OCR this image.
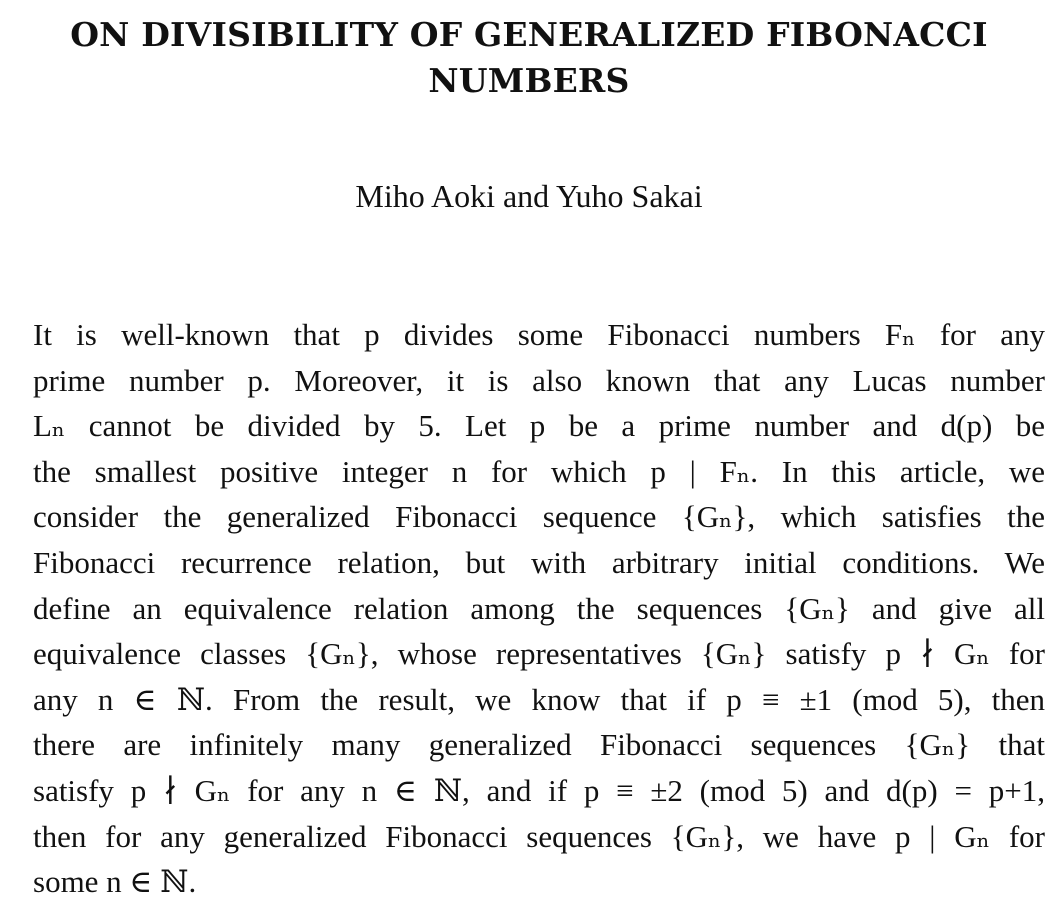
ON DIVISIBILITY OF GENERALIZED FIBONACCI
NUMBERS

Miho Aoki and Yuho Sakai

It is well-known that p divides some Fibonacci numbers Fₙ for any
prime number p. Moreover, it is also known that any Lucas number
Lₙ cannot be divided by 5. Let p be a prime number and d(p) be
the smallest positive integer n for which p | Fₙ. In this article, we
consider the generalized Fibonacci sequence {Gₙ}, which satisfies the
Fibonacci recurrence relation, but with arbitrary initial conditions. We
define an equivalence relation among the sequences {Gₙ} and give all
equivalence classes {Gₙ}, whose representatives {Gₙ} satisfy p ∤ Gₙ for
any n ∈ ℕ. From the result, we know that if p ≡ ±1 (mod 5), then
there are infinitely many generalized Fibonacci sequences {Gₙ} that
satisfy p ∤ Gₙ for any n ∈ ℕ, and if p ≡ ±2 (mod 5) and d(p) = p+1,
then for any generalized Fibonacci sequences {Gₙ}, we have p | Gₙ for
some n ∈ ℕ.
